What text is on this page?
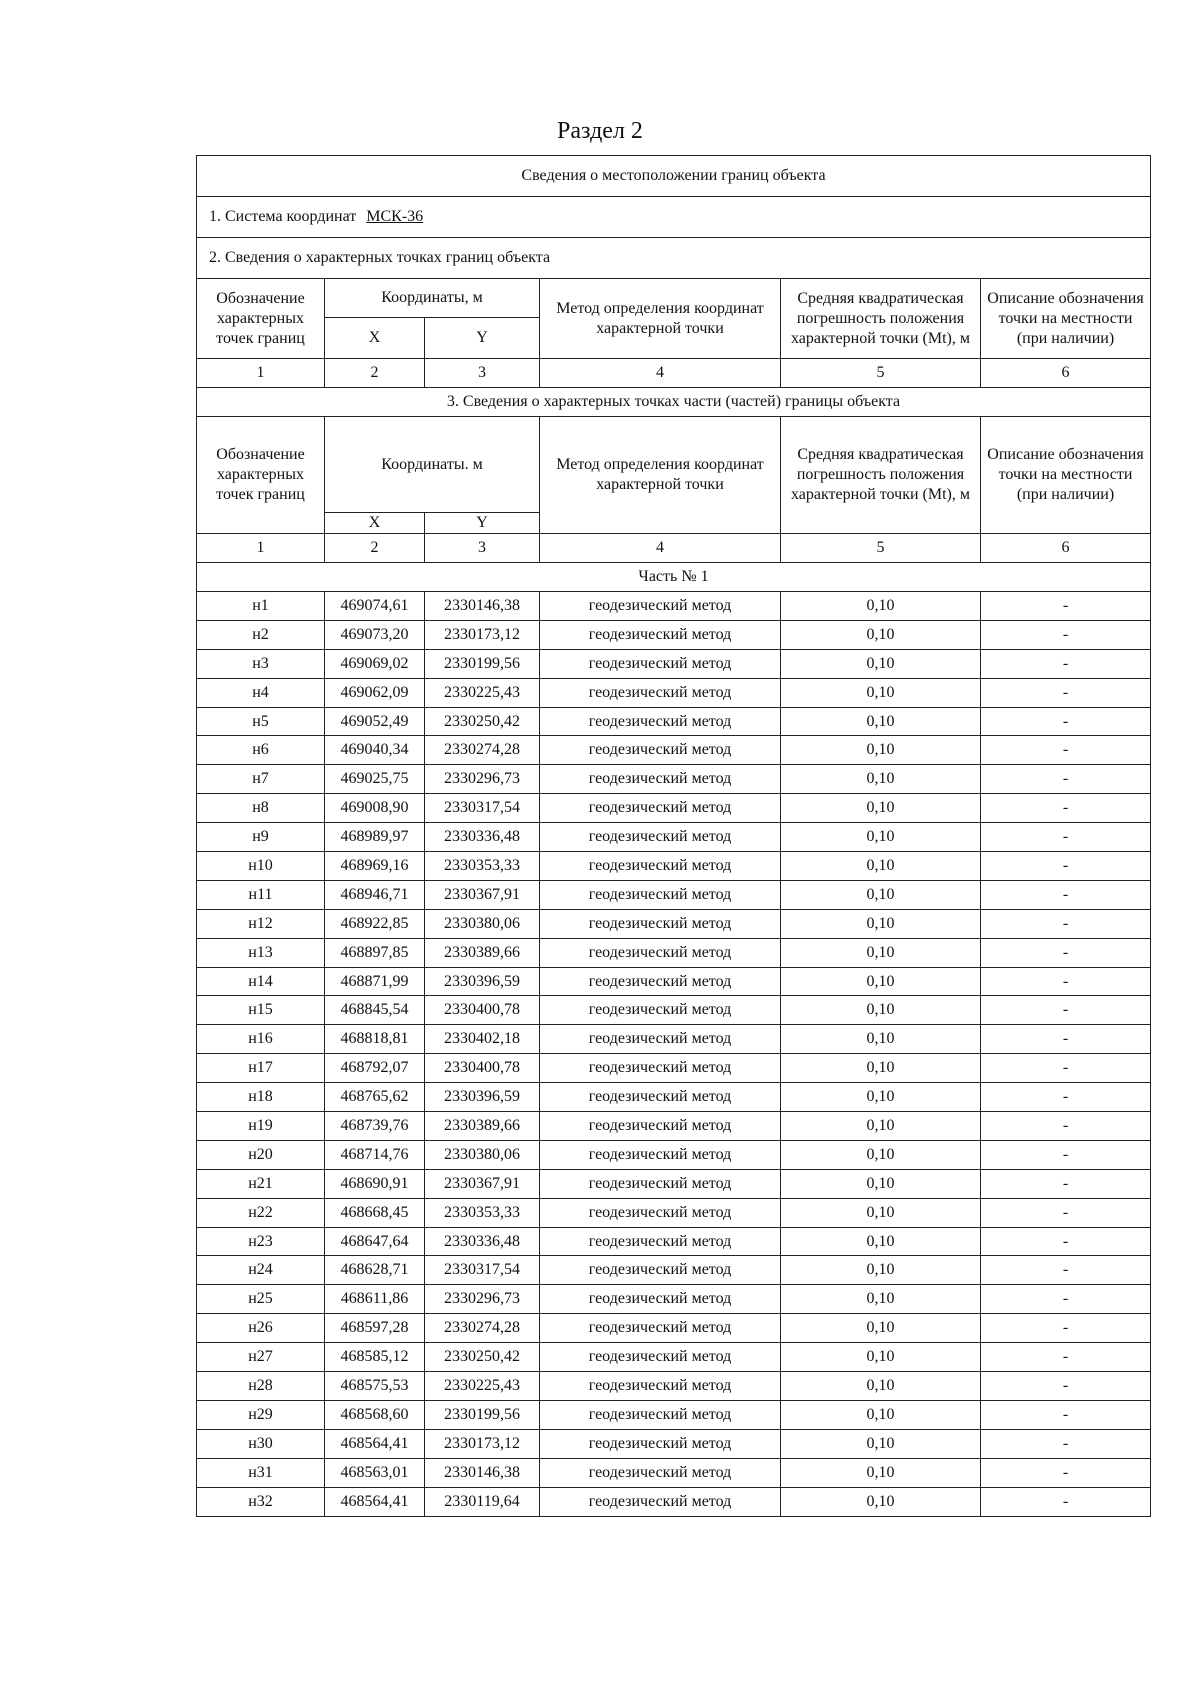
Раздел 2
Сведения о местоположении границ объекта					
1. Система координат МСК-36					
2. Сведения о характерных точках границ объекта					
Обозначение характерных точек границ	Координаты, м		Метод определения координат характерной точки	Средняя квадратическая погрешность положения характерной точки (Mt), м	Описание обозначения точки на местности (при наличии)
	X	Y			
1	2	3	4	5	6
3. Сведения о характерных точках части (частей) границы объекта					
Обозначение характерных точек границ	Координаты. м		Метод определения координат характерной точки	Средняя квадратическая погрешность положения характерной точки (Mt), м	Описание обозначения точки на местности (при наличии)
	X	Y			
1	2	3	4	5	6
Часть № 1					
н1	469074,61	2330146,38	геодезический метод	0,10	-
н2	469073,20	2330173,12	геодезический метод	0,10	-
н3	469069,02	2330199,56	геодезический метод	0,10	-
н4	469062,09	2330225,43	геодезический метод	0,10	-
н5	469052,49	2330250,42	геодезический метод	0,10	-
н6	469040,34	2330274,28	геодезический метод	0,10	-
н7	469025,75	2330296,73	геодезический метод	0,10	-
н8	469008,90	2330317,54	геодезический метод	0,10	-
н9	468989,97	2330336,48	геодезический метод	0,10	-
н10	468969,16	2330353,33	геодезический метод	0,10	-
н11	468946,71	2330367,91	геодезический метод	0,10	-
н12	468922,85	2330380,06	геодезический метод	0,10	-
н13	468897,85	2330389,66	геодезический метод	0,10	-
н14	468871,99	2330396,59	геодезический метод	0,10	-
н15	468845,54	2330400,78	геодезический метод	0,10	-
н16	468818,81	2330402,18	геодезический метод	0,10	-
н17	468792,07	2330400,78	геодезический метод	0,10	-
н18	468765,62	2330396,59	геодезический метод	0,10	-
н19	468739,76	2330389,66	геодезический метод	0,10	-
н20	468714,76	2330380,06	геодезический метод	0,10	-
н21	468690,91	2330367,91	геодезический метод	0,10	-
н22	468668,45	2330353,33	геодезический метод	0,10	-
н23	468647,64	2330336,48	геодезический метод	0,10	-
н24	468628,71	2330317,54	геодезический метод	0,10	-
н25	468611,86	2330296,73	геодезический метод	0,10	-
н26	468597,28	2330274,28	геодезический метод	0,10	-
н27	468585,12	2330250,42	геодезический метод	0,10	-
н28	468575,53	2330225,43	геодезический метод	0,10	-
н29	468568,60	2330199,56	геодезический метод	0,10	-
н30	468564,41	2330173,12	геодезический метод	0,10	-
н31	468563,01	2330146,38	геодезический метод	0,10	-
н32	468564,41	2330119,64	геодезический метод	0,10	-
